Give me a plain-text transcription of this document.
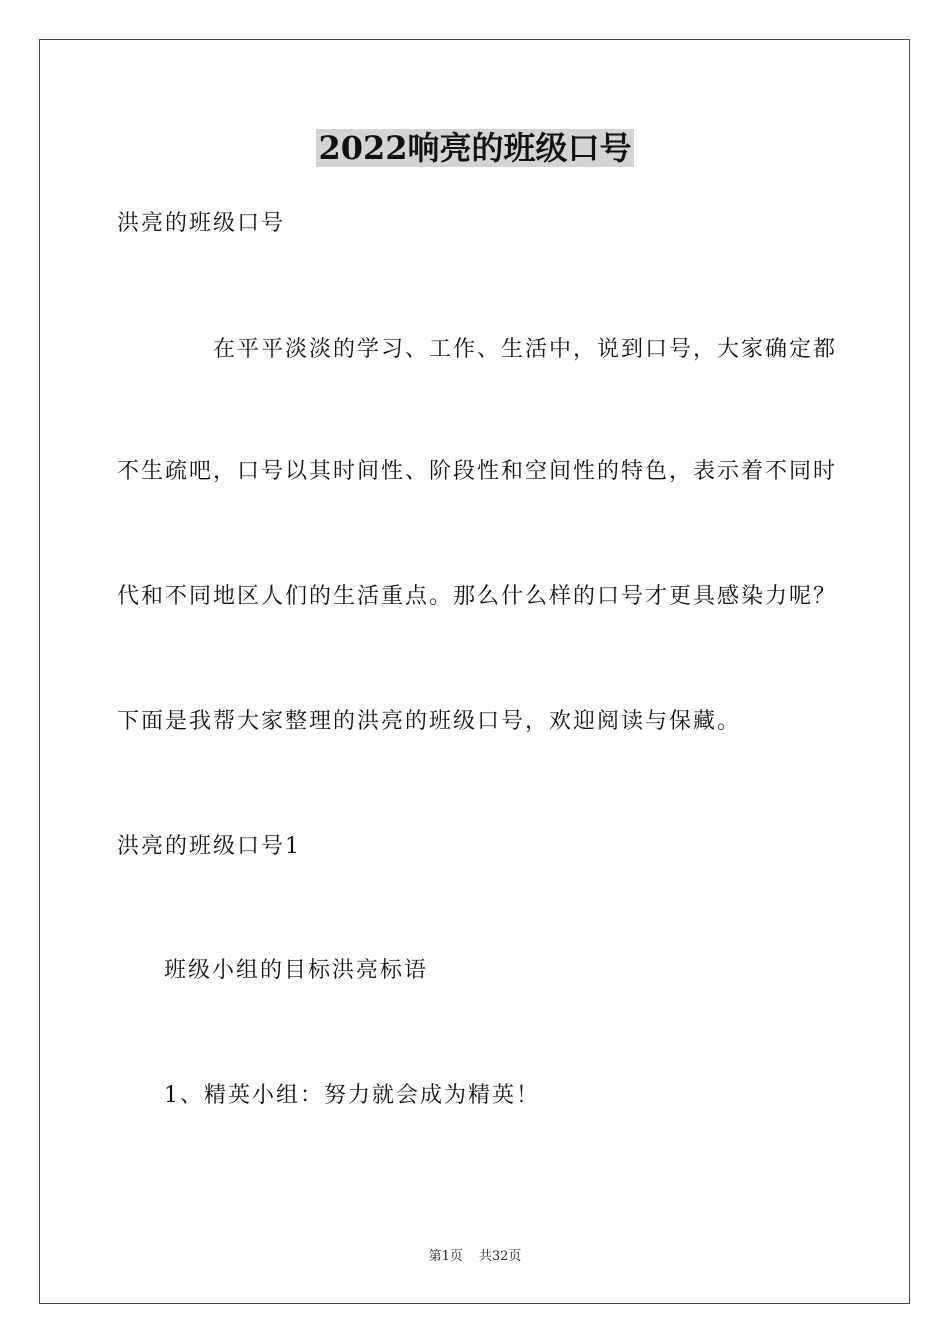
2022响亮的班级口号
洪亮的班级口号
在平平淡淡的学习、工作、生活中，说到口号，大家确定都
不生疏吧，口号以其时间性、阶段性和空间性的特色，表示着不同时
代和不同地区人们的生活重点。那么什么样的口号才更具感染力呢？
下面是我帮大家整理的洪亮的班级口号，欢迎阅读与保藏。
洪亮的班级口号1
班级小组的目标洪亮标语
1、精英小组：努力就会成为精英！
第1页 共32页
